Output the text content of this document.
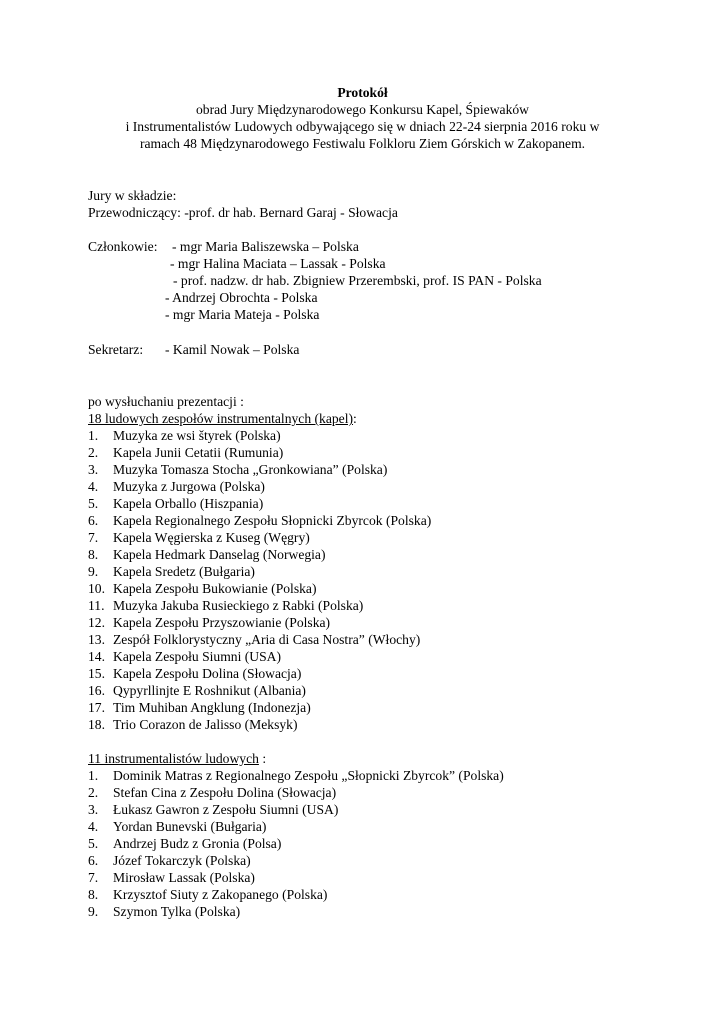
Protokół
obrad Jury Międzynarodowego Konkursu Kapel, Śpiewaków
i Instrumentalistów Ludowych odbywającego się w dniach 22-24 sierpnia 2016 roku w
ramach 48 Międzynarodowego Festiwalu Folkloru Ziem Górskich w Zakopanem.
Jury w składzie:
Przewodniczący: -prof. dr hab. Bernard Garaj - Słowacja
Członkowie: - mgr Maria Baliszewska – Polska
- mgr Halina Maciata – Lassak - Polska
- prof. nadzw. dr hab. Zbigniew Przerembski, prof. IS PAN - Polska
- Andrzej Obrochta - Polska
- mgr Maria Mateja - Polska
Sekretarz: - Kamil Nowak – Polska
po wysłuchaniu prezentacji :
18 ludowych zespołów instrumentalnych (kapel):
1. Muzyka ze wsi štyrek (Polska)
2. Kapela Junii Cetatii (Rumunia)
3. Muzyka Tomasza Stocha „Gronkowiana” (Polska)
4. Muzyka z Jurgowa (Polska)
5. Kapela Orballo (Hiszpania)
6. Kapela Regionalnego Zespołu Słopnicki Zbyrcok (Polska)
7. Kapela Węgierska z Kuseg (Węgry)
8. Kapela Hedmark Danselag (Norwegia)
9. Kapela Sredetz (Bułgaria)
10. Kapela Zespołu Bukowianie (Polska)
11. Muzyka Jakuba Rusieckiego z Rabki (Polska)
12. Kapela Zespołu Przyszowianie (Polska)
13. Zespół Folklorystyczny „Aria di Casa Nostra” (Włochy)
14. Kapela Zespołu Siumni (USA)
15. Kapela Zespołu Dolina (Słowacja)
16. Qypyrllinjte E Roshnikut (Albania)
17. Tim Muhiban Angklung (Indonezja)
18. Trio Corazon de Jalisso (Meksyk)
11 instrumentalistów ludowych :
1. Dominik Matras z Regionalnego Zespołu „Słopnicki Zbyrcok” (Polska)
2. Stefan Cina z Zespołu Dolina (Słowacja)
3. Łukasz Gawron z Zespołu Siumni (USA)
4. Yordan Bunevski (Bułgaria)
5. Andrzej Budz z Gronia (Polsa)
6. Józef Tokarczyk (Polska)
7. Mirosław Lassak (Polska)
8. Krzysztof Siuty z Zakopanego (Polska)
9. Szymon Tylka (Polska)
